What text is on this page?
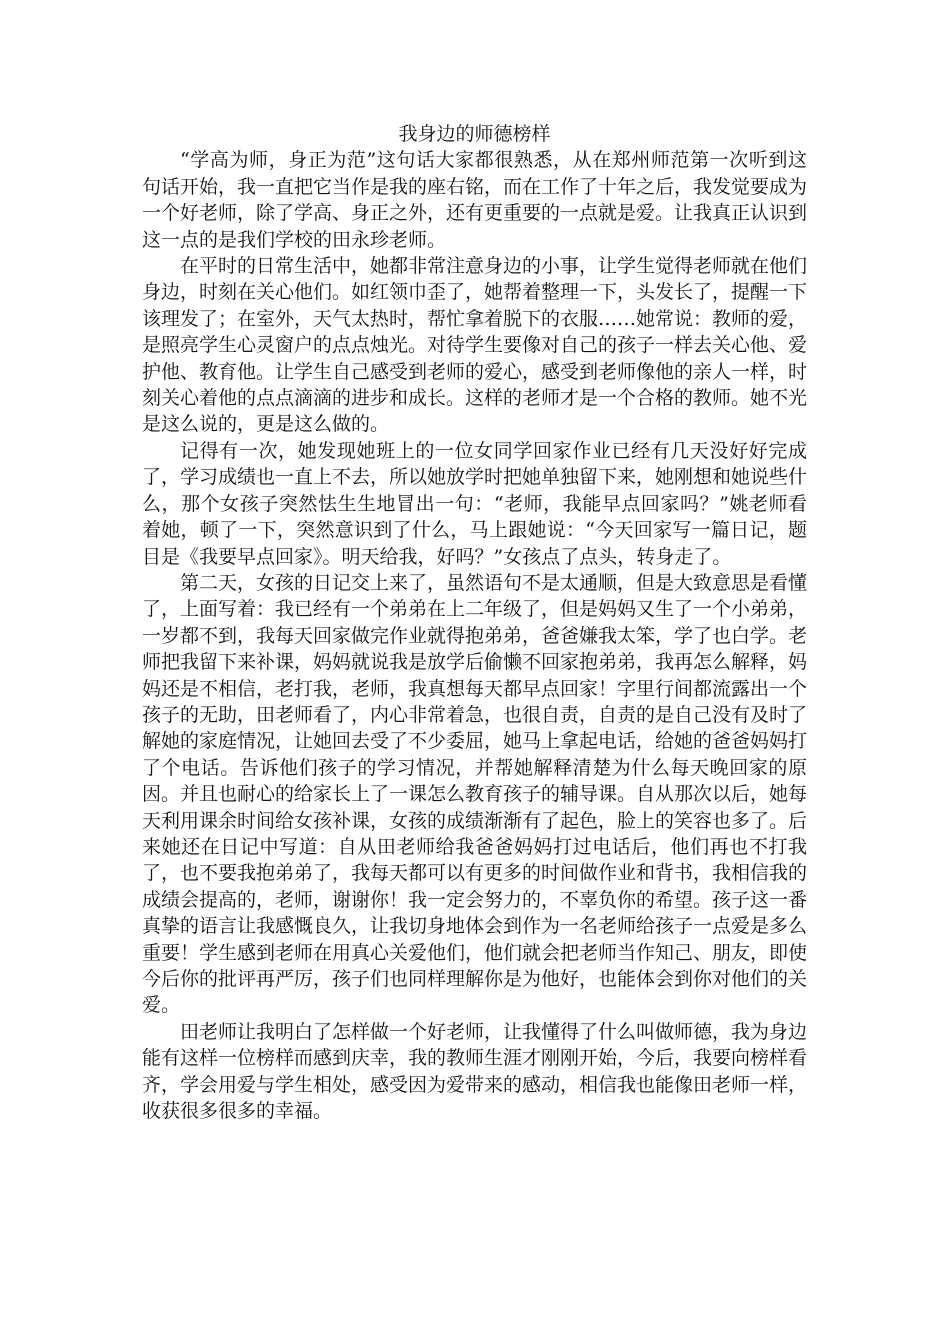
我身边的师德榜样

“学高为师，身正为范”这句话大家都很熟悉，从在郑州师范第一次听到这句话开始，我一直把它当作是我的座右铭，而在工作了十年之后，我发觉要成为一个好老师，除了学高、身正之外，还有更重要的一点就是爱。让我真正认识到这一点的是我们学校的田永珍老师。

在平时的日常生活中，她都非常注意身边的小事，让学生觉得老师就在他们身边，时刻在关心他们。如红领巾歪了，她帮着整理一下，头发长了，提醒一下该理发了；在室外，天气太热时，帮忙拿着脱下的衣服……她常说：教师的爱，是照亮学生心灵窗户的点点烛光。对待学生要像对自己的孩子一样去关心他、爱护他、教育他。让学生自己感受到老师的爱心，感受到老师像他的亲人一样，时刻关心着他的点点滴滴的进步和成长。这样的老师才是一个合格的教师。她不光是这么说的，更是这么做的。

记得有一次，她发现她班上的一位女同学回家作业已经有几天没好好完成了，学习成绩也一直上不去，所以她放学时把她单独留下来，她刚想和她说些什么，那个女孩子突然怯生生地冒出一句：“老师，我能早点回家吗？”姚老师看着她，顿了一下，突然意识到了什么，马上跟她说：“今天回家写一篇日记，题目是《我要早点回家》。明天给我，好吗？”女孩点了点头，转身走了。

第二天，女孩的日记交上来了，虽然语句不是太通顺，但是大致意思是看懂了，上面写着：我已经有一个弟弟在上二年级了，但是妈妈又生了一个小弟弟，一岁都不到，我每天回家做完作业就得抱弟弟，爸爸嫌我太笨，学了也白学。老师把我留下来补课，妈妈就说我是放学后偷懒不回家抱弟弟，我再怎么解释，妈妈还是不相信，老打我，老师，我真想每天都早点回家！字里行间都流露出一个孩子的无助，田老师看了，内心非常着急，也很自责，自责的是自己没有及时了解她的家庭情况，让她回去受了不少委屈，她马上拿起电话，给她的爸爸妈妈打了个电话。告诉他们孩子的学习情况，并帮她解释清楚为什么每天晚回家的原因。并且也耐心的给家长上了一课怎么教育孩子的辅导课。自从那次以后，她每天利用课余时间给女孩补课，女孩的成绩渐渐有了起色，脸上的笑容也多了。后来她还在日记中写道：自从田老师给我爸爸妈妈打过电话后，他们再也不打我了，也不要我抱弟弟了，我每天都可以有更多的时间做作业和背书，我相信我的成绩会提高的，老师，谢谢你！我一定会努力的，不辜负你的希望。孩子这一番真挚的语言让我感慨良久，让我切身地体会到作为一名老师给孩子一点爱是多么重要！学生感到老师在用真心关爱他们，他们就会把老师当作知己、朋友，即使今后你的批评再严厉，孩子们也同样理解你是为他好，也能体会到你对他们的关爱。

田老师让我明白了怎样做一个好老师，让我懂得了什么叫做师德，我为身边能有这样一位榜样而感到庆幸，我的教师生涯才刚刚开始，今后，我要向榜样看齐，学会用爱与学生相处，感受因为爱带来的感动，相信我也能像田老师一样，收获很多很多的幸福。
